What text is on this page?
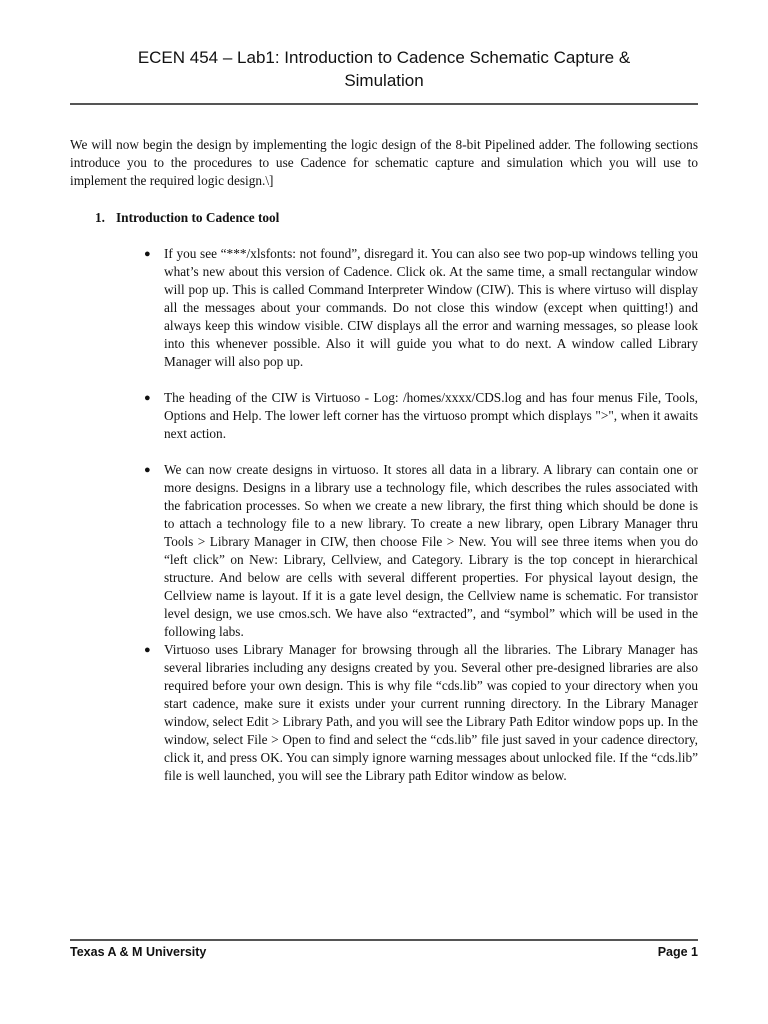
ECEN 454 – Lab1: Introduction to Cadence Schematic Capture &
Simulation
We will now begin the design by implementing the logic design of the 8-bit Pipelined adder. The following sections introduce you to the procedures to use Cadence for schematic capture and simulation which you will use to implement the required logic design.\]
1. Introduction to Cadence tool
● If you see “***/xlsfonts: not found”, disregard it. You can also see two pop-up windows telling you what’s new about this version of Cadence. Click ok. At the same time, a small rectangular window will pop up. This is called Command Interpreter Window (CIW). This is where virtuso will display all the messages about your commands. Do not close this window (except when quitting!) and always keep this window visible. CIW displays all the error and warning messages, so please look into this whenever possible. Also it will guide you what to do next. A window called Library Manager will also pop up.
● The heading of the CIW is Virtuoso - Log: /homes/xxxx/CDS.log and has four menus File, Tools, Options and Help. The lower left corner has the virtuoso prompt which displays ">", when it awaits next action.
● We can now create designs in virtuoso. It stores all data in a library. A library can contain one or more designs. Designs in a library use a technology file, which describes the rules associated with the fabrication processes. So when we create a new library, the first thing which should be done is to attach a technology file to a new library. To create a new library, open Library Manager thru Tools > Library Manager in CIW, then choose File > New. You will see three items when you do “left click” on New: Library, Cellview, and Category. Library is the top concept in hierarchical structure. And below are cells with several different properties. For physical layout design, the Cellview name is layout. If it is a gate level design, the Cellview name is schematic. For transistor level design, we use cmos.sch. We have also “extracted”, and “symbol” which will be used in the following labs.
● Virtuoso uses Library Manager for browsing through all the libraries. The Library Manager has several libraries including any designs created by you. Several other pre-designed libraries are also required before your own design. This is why file “cds.lib” was copied to your directory when you start cadence, make sure it exists under your current running directory. In the Library Manager window, select Edit > Library Path, and you will see the Library Path Editor window pops up. In the window, select File > Open to find and select the “cds.lib” file just saved in your cadence directory, click it, and press OK. You can simply ignore warning messages about unlocked file. If the “cds.lib” file is well launched, you will see the Library path Editor window as below.
Texas A & M University	Page 1
